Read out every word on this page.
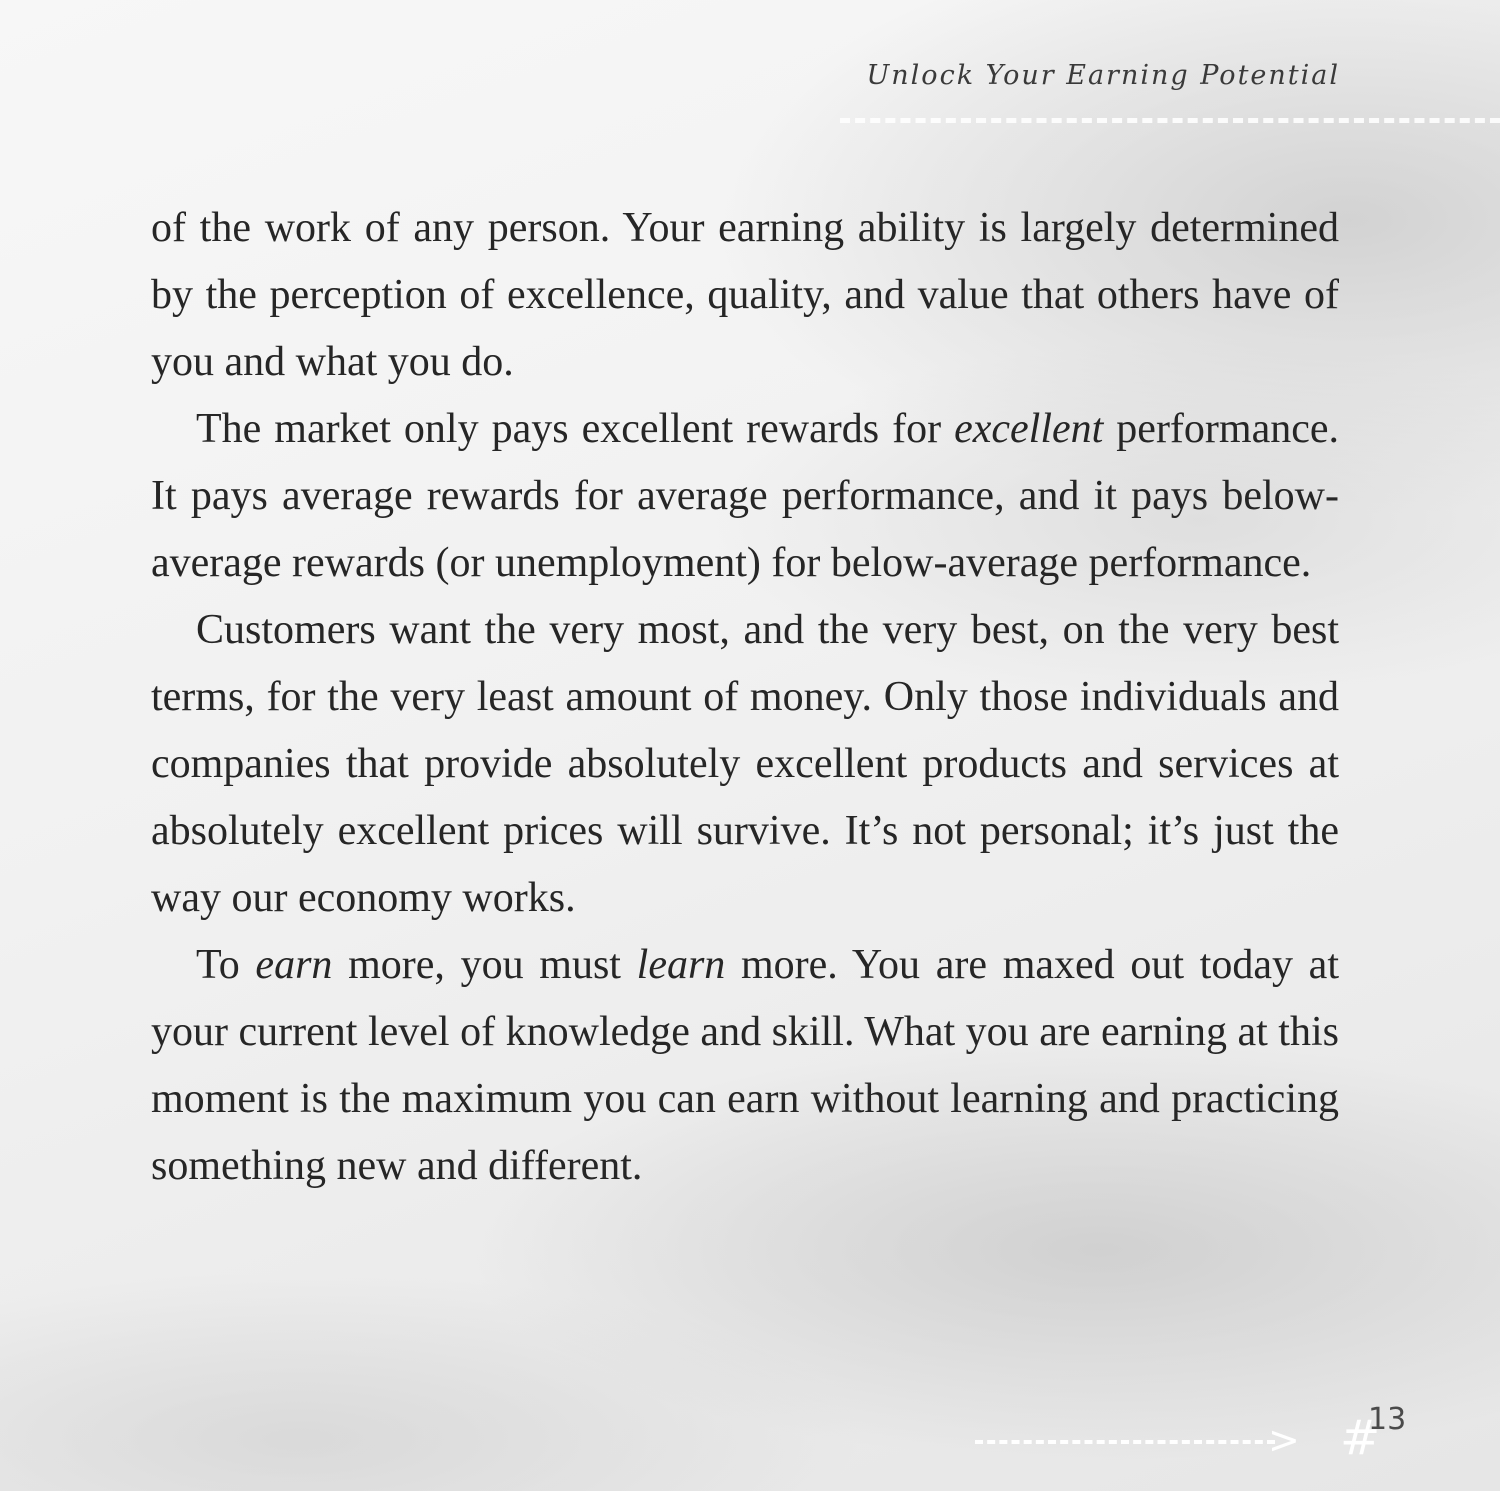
Unlock Your Earning Potential

of the work of any person. Your earning ability is largely determined by the perception of excellence, quality, and value that others have of you and what you do.

The market only pays excellent rewards for excellent performance. It pays average rewards for average performance, and it pays below-average rewards (or unemployment) for below-average performance.

Customers want the very most, and the very best, on the very best terms, for the very least amount of money. Only those individuals and companies that provide absolutely excellent products and services at absolutely excellent prices will survive. It’s not personal; it’s just the way our economy works.

To earn more, you must learn more. You are maxed out today at your current level of knowledge and skill. What you are earning at this moment is the maximum you can earn without learning and practicing something new and different.

> #
13
